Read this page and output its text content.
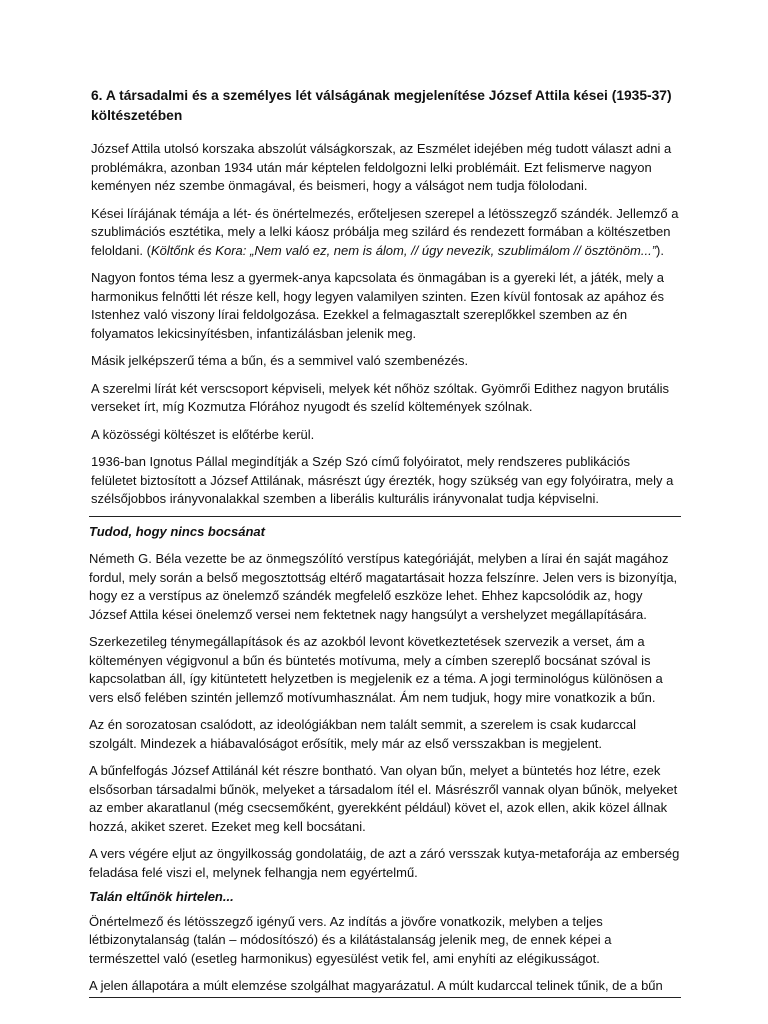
6. A társadalmi és a személyes lét válságának megjelenítése József Attila kései (1935-37) költészetében

József Attila utolsó korszaka abszolút válságkorszak, az Eszmélet idejében még tudott választ adni a problémákra, azonban 1934 után már képtelen feldolgozni lelki problémáit. Ezt felismerve nagyon keményen néz szembe önmagával, és beismeri, hogy a válságot nem tudja fölolodani.

Kései lírájának témája a lét- és önértelmezés, erőteljesen szerepel a létösszegző szándék. Jellemző a szublimációs esztétika, mely a lelki káosz próbálja meg szilárd és rendezett formában a költészetben feloldani. (Költőnk és Kora: „Nem való ez, nem is álom, // úgy nevezik, szublimálom // ösztönöm...”).

Nagyon fontos téma lesz a gyermek-anya kapcsolata és önmagában is a gyereki lét, a játék, mely a harmonikus felnőtti lét része kell, hogy legyen valamilyen szinten. Ezen kívül fontosak az apához és Istenhez való viszony lírai feldolgozása. Ezekkel a felmagasztalt szereplőkkel szemben az én folyamatos lekicsinyítésben, infantizálásban jelenik meg.

Másik jelképszerű téma a bűn, és a semmivel való szembenézés.

A szerelmi lírát két verscsoport képviseli, melyek két nőhöz szóltak. Gyömrői Edithez nagyon brutális verseket írt, míg Kozmutza Flórához nyugodt és szelíd költemények szólnak.

A közösségi költészet is előtérbe kerül.

1936-ban Ignotus Pállal megindítják a Szép Szó című folyóiratot, mely rendszeres publikációs felületet biztosított a József Attilának, másrészt úgy érezték, hogy szükség van egy folyóiratra, mely a szélsőjobbos irányvonalakkal szemben a liberális kulturális irányvonalat tudja képviselni.

Tudod, hogy nincs bocsánat

Németh G. Béla vezette be az önmegszólító verstípus kategóriáját, melyben a lírai én saját magához fordul, mely során a belső megosztottság eltérő magatartásait hozza felszínre. Jelen vers is bizonyítja, hogy ez a verstípus az önelemző szándék megfelelő eszköze lehet. Ehhez kapcsolódik az, hogy József Attila kései önelemző versei nem fektetnek nagy hangsúlyt a vershelyzet megállapítására.

Szerkezetileg ténymegállapítások és az azokból levont következtetések szervezik a verset, ám a költeményen végigvonul a bűn és büntetés motívuma, mely a címben szereplő bocsánat szóval is kapcsolatban áll, így kitüntetett helyzetben is megjelenik ez a téma. A jogi terminológus különösen a vers első felében szintén jellemző motívumhasználat. Ám nem tudjuk, hogy mire vonatkozik a bűn.

Az én sorozatosan csalódott, az ideológiákban nem talált semmit, a szerelem is csak kudarccal szolgált. Mindezek a hiábavalóságot erősítik, mely már az első versszakban is megjelent.

A bűnfelfogás József Attilánál két részre bontható. Van olyan bűn, melyet a büntetés hoz létre, ezek elsősorban társadalmi bűnök, melyeket a társadalom ítél el. Másrészről vannak olyan bűnök, melyeket az ember akaratlanul (még csecsemőként, gyerekként például) követ el, azok ellen, akik közel állnak hozzá, akiket szeret. Ezeket meg kell bocsátani.

A vers végére eljut az öngyilkosság gondolatáig, de azt a záró versszak kutya-metaforája az emberség feladása felé viszi el, melynek felhangja nem egyértelmű.

Talán eltűnök hirtelen...

Önértelmező és létösszegző igényű vers. Az indítás a jövőre vonatkozik, melyben a teljes létbizonytalanság (talán – módosítószó) és a kilátástalanság jelenik meg, de ennek képei a természettel való (esetleg harmonikus) egyesülést vetik fel, ami enyhíti az elégikusságot.

A jelen állapotára a múlt elemzése szolgálhat magyarázatul. A múlt kudarccal telinek tűnik, de a bűn
